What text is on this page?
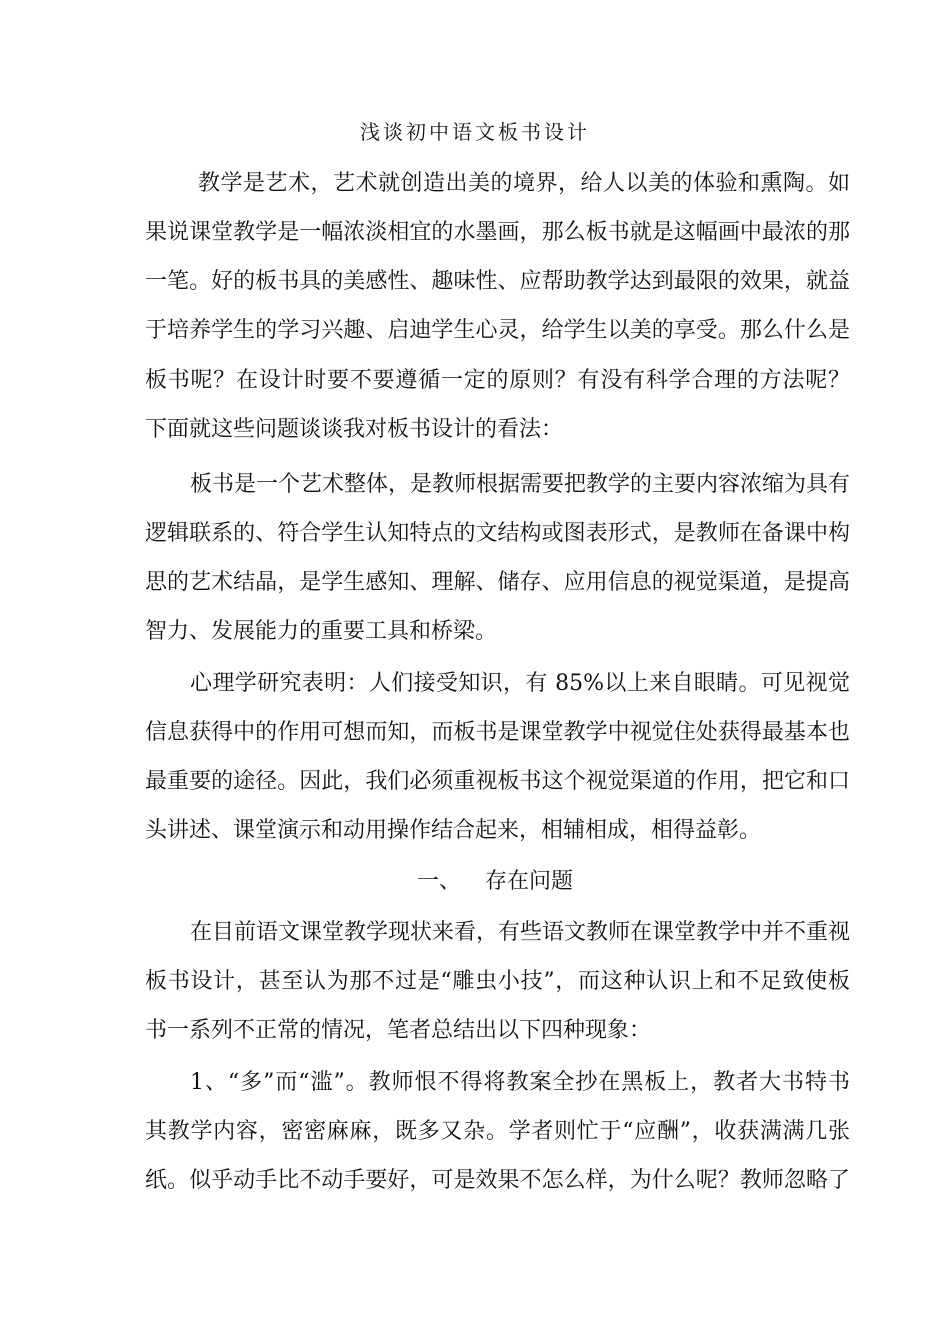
浅谈初中语文板书设计
教学是艺术，艺术就创造出美的境界，给人以美的体验和熏陶。如
果说课堂教学是一幅浓淡相宜的水墨画，那么板书就是这幅画中最浓的那
一笔。好的板书具的美感性、趣味性、应帮助教学达到最限的效果，就益
于培养学生的学习兴趣、启迪学生心灵，给学生以美的享受。那么什么是
板书呢？在设计时要不要遵循一定的原则？有没有科学合理的方法呢？
下面就这些问题谈谈我对板书设计的看法：
板书是一个艺术整体，是教师根据需要把教学的主要内容浓缩为具有
逻辑联系的、符合学生认知特点的文结构或图表形式，是教师在备课中构
思的艺术结晶，是学生感知、理解、储存、应用信息的视觉渠道，是提高
智力、发展能力的重要工具和桥梁。
心理学研究表明：人们接受知识，有 85%以上来自眼睛。可见视觉
信息获得中的作用可想而知，而板书是课堂教学中视觉住处获得最基本也
最重要的途径。因此，我们必须重视板书这个视觉渠道的作用，把它和口
头讲述、课堂演示和动用操作结合起来，相辅相成，相得益彰。
一、 存在问题
在目前语文课堂教学现状来看，有些语文教师在课堂教学中并不重视
板书设计，甚至认为那不过是“雕虫小技”，而这种认识上和不足致使板
书一系列不正常的情况，笔者总结出以下四种现象：
1、“多”而“滥”。教师恨不得将教案全抄在黑板上，教者大书特书
其教学内容，密密麻麻，既多又杂。学者则忙于“应酬”，收获满满几张
纸。似乎动手比不动手要好，可是效果不怎么样，为什么呢？教师忽略了
